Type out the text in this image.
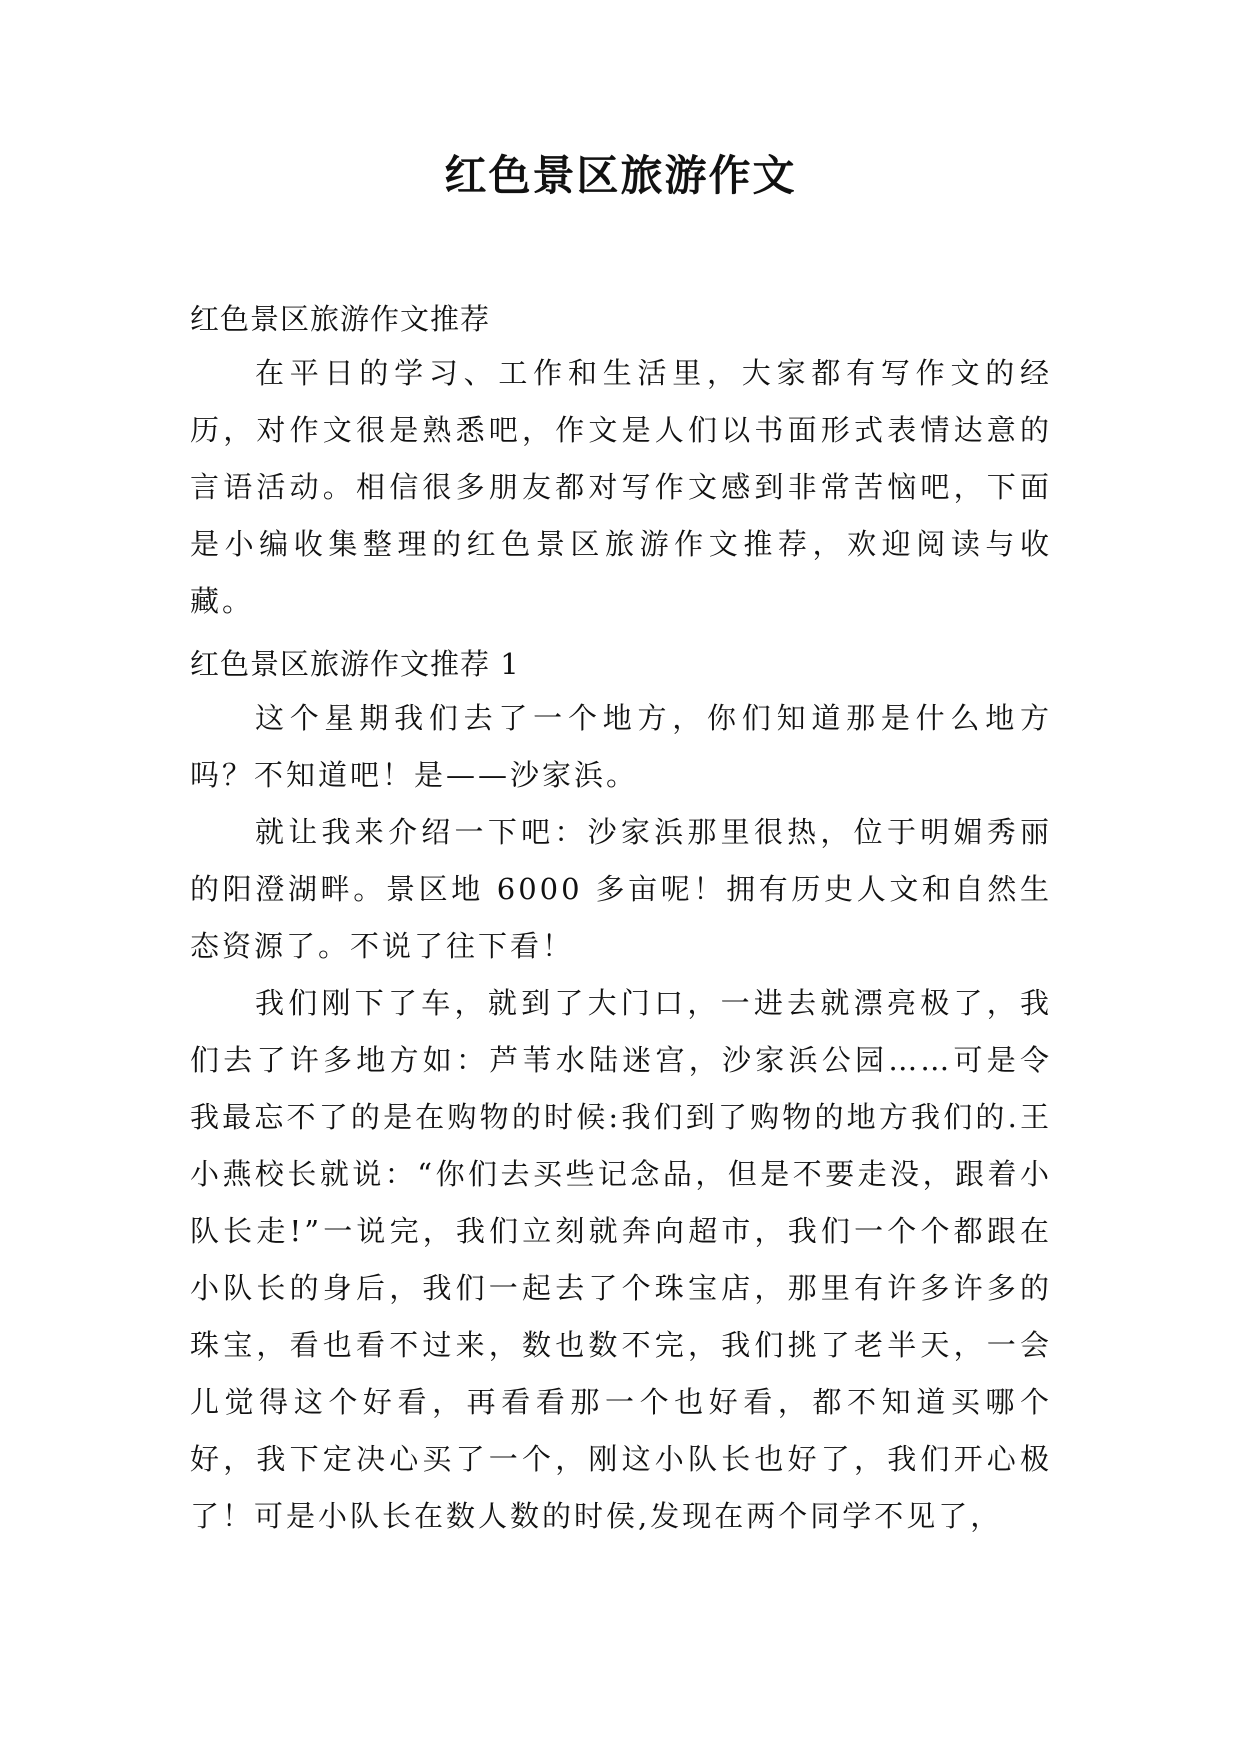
红色景区旅游作文

红色景区旅游作文推荐

在平日的学习、工作和生活里，大家都有写作文的经历，对作文很是熟悉吧，作文是人们以书面形式表情达意的言语活动。相信很多朋友都对写作文感到非常苦恼吧，下面是小编收集整理的红色景区旅游作文推荐，欢迎阅读与收藏。

红色景区旅游作文推荐 1

这个星期我们去了一个地方，你们知道那是什么地方吗？不知道吧！是——沙家浜。

就让我来介绍一下吧：沙家浜那里很热，位于明媚秀丽的阳澄湖畔。景区地 6000 多亩呢！拥有历史人文和自然生态资源了。不说了往下看！

我们刚下了车，就到了大门口，一进去就漂亮极了，我们去了许多地方如：芦苇水陆迷宫，沙家浜公园……可是令我最忘不了的是在购物的时候:我们到了购物的地方我们的.王小燕校长就说：“你们去买些记念品，但是不要走没，跟着小队长走!”一说完，我们立刻就奔向超市，我们一个个都跟在小队长的身后，我们一起去了个珠宝店，那里有许多许多的珠宝，看也看不过来，数也数不完，我们挑了老半天，一会儿觉得这个好看，再看看那一个也好看，都不知道买哪个好，我下定决心买了一个，刚这小队长也好了，我们开心极了！可是小队长在数人数的时侯,发现在两个同学不见了，
